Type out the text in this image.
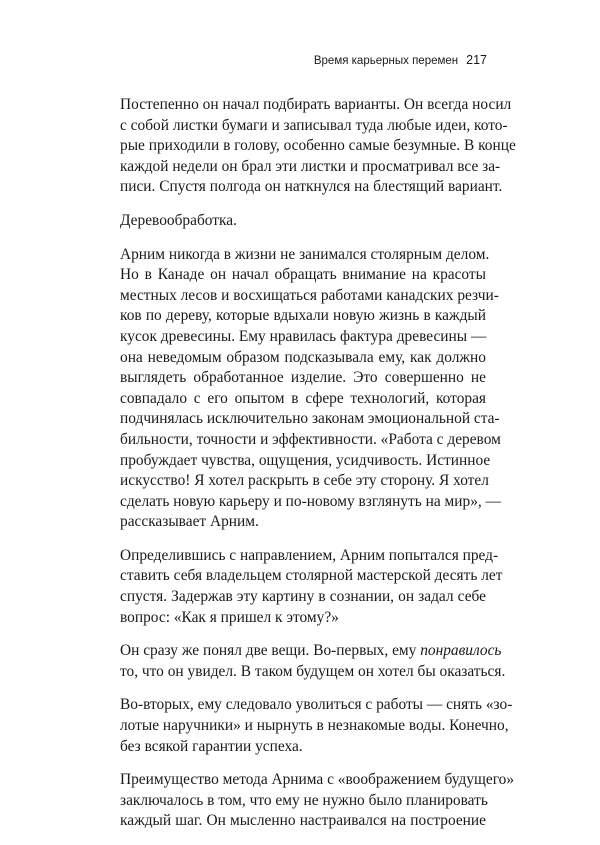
Время карьерных перемен 217

Постепенно он начал подбирать варианты. Он всегда носил
с собой листки бумаги и записывал туда любые идеи, кото-
рые приходили в голову, особенно самые безумные. В конце
каждой недели он брал эти листки и просматривал все за-
писи. Спустя полгода он наткнулся на блестящий вариант.

Деревообработка.

Арним никогда в жизни не занимался столярным делом.
Но в Канаде он начал обращать внимание на красоты
местных лесов и восхищаться работами канадских резчи-
ков по дереву, которые вдыхали новую жизнь в каждый
кусок древесины. Ему нравилась фактура древесины —
она неведомым образом подсказывала ему, как должно
выглядеть обработанное изделие. Это совершенно не
совпадало с его опытом в сфере технологий, которая
подчинялась исключительно законам эмоциональной ста-
бильности, точности и эффективности. «Работа с деревом
пробуждает чувства, ощущения, усидчивость. Истинное
искусство! Я хотел раскрыть в себе эту сторону. Я хотел
сделать новую карьеру и по-новому взглянуть на мир», —
рассказывает Арним.

Определившись с направлением, Арним попытался пред-
ставить себя владельцем столярной мастерской десять лет
спустя. Задержав эту картину в сознании, он задал себе
вопрос: «Как я пришел к этому?»

Он сразу же понял две вещи. Во-первых, ему понравилось
то, что он увидел. В таком будущем он хотел бы оказаться.

Во-вторых, ему следовало уволиться с работы — снять «зо-
лотые наручники» и нырнуть в незнакомые воды. Конечно,
без всякой гарантии успеха.

Преимущество метода Арнима с «воображением будущего»
заключалось в том, что ему не нужно было планировать
каждый шаг. Он мысленно настраивался на построение
